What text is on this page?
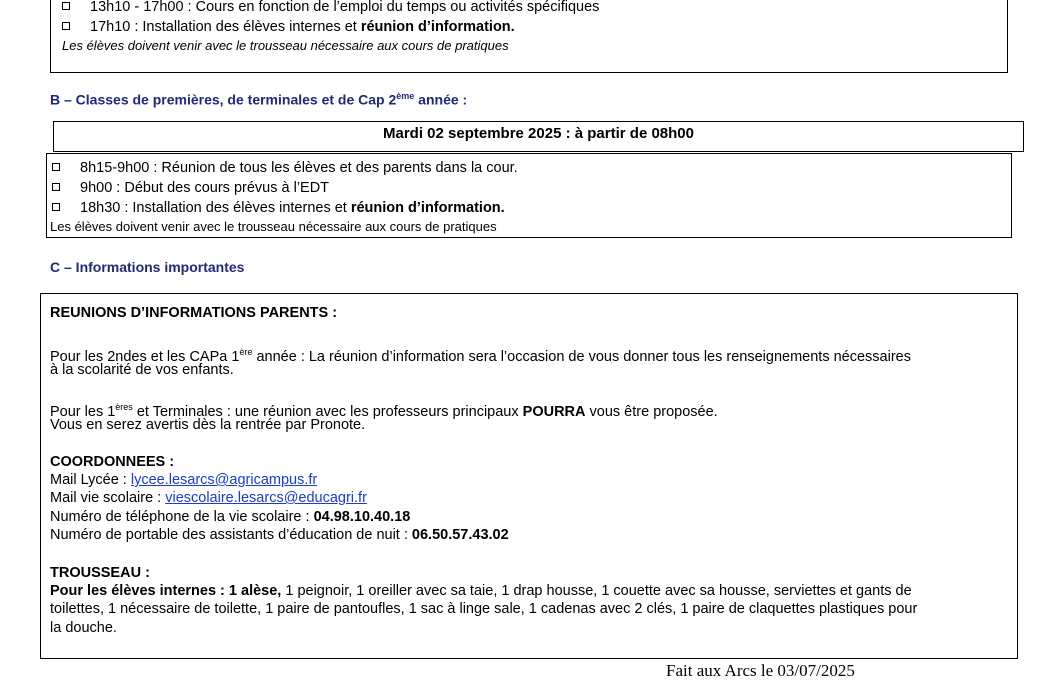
13h10 - 17h00 : Cours en fonction de l’emploi du temps ou activités spécifiques
17h10 : Installation des élèves internes et réunion d’information.
Les élèves doivent venir avec le trousseau nécessaire aux cours de pratiques
B – Classes de premières, de terminales et de Cap 2ème année :
Mardi 02 septembre 2025 : à partir de 08h00
8h15-9h00 : Réunion de tous les élèves et des parents dans la cour.
9h00 : Début des cours prévus à l’EDT
18h30 : Installation des élèves internes et réunion d’information.
Les élèves doivent venir avec le trousseau nécessaire aux cours de pratiques
C – Informations importantes
REUNIONS D’INFORMATIONS PARENTS :
Pour les 2ndes et les CAPa 1ère année : La réunion d’information sera l’occasion de vous donner tous les renseignements nécessaires
à la scolarité de vos enfants.
Pour les 1ères et Terminales : une réunion avec les professeurs principaux POURRA vous être proposée.
Vous en serez avertis dès la rentrée par Pronote.
COORDONNEES :
Mail Lycée : lycee.lesarcs@agricampus.fr
Mail vie scolaire : viescolaire.lesarcs@educagri.fr
Numéro de téléphone de la vie scolaire : 04.98.10.40.18
Numéro de portable des assistants d’éducation de nuit : 06.50.57.43.02
TROUSSEAU :
Pour les élèves internes : 1 alèse, 1 peignoir, 1 oreiller avec sa taie, 1 drap housse, 1 couette avec sa housse, serviettes et gants de
toilettes, 1 nécessaire de toilette, 1 paire de pantoufles, 1 sac à linge sale, 1 cadenas avec 2 clés, 1 paire de claquettes plastiques pour
la douche.
Fait aux Arcs le 03/07/2025
